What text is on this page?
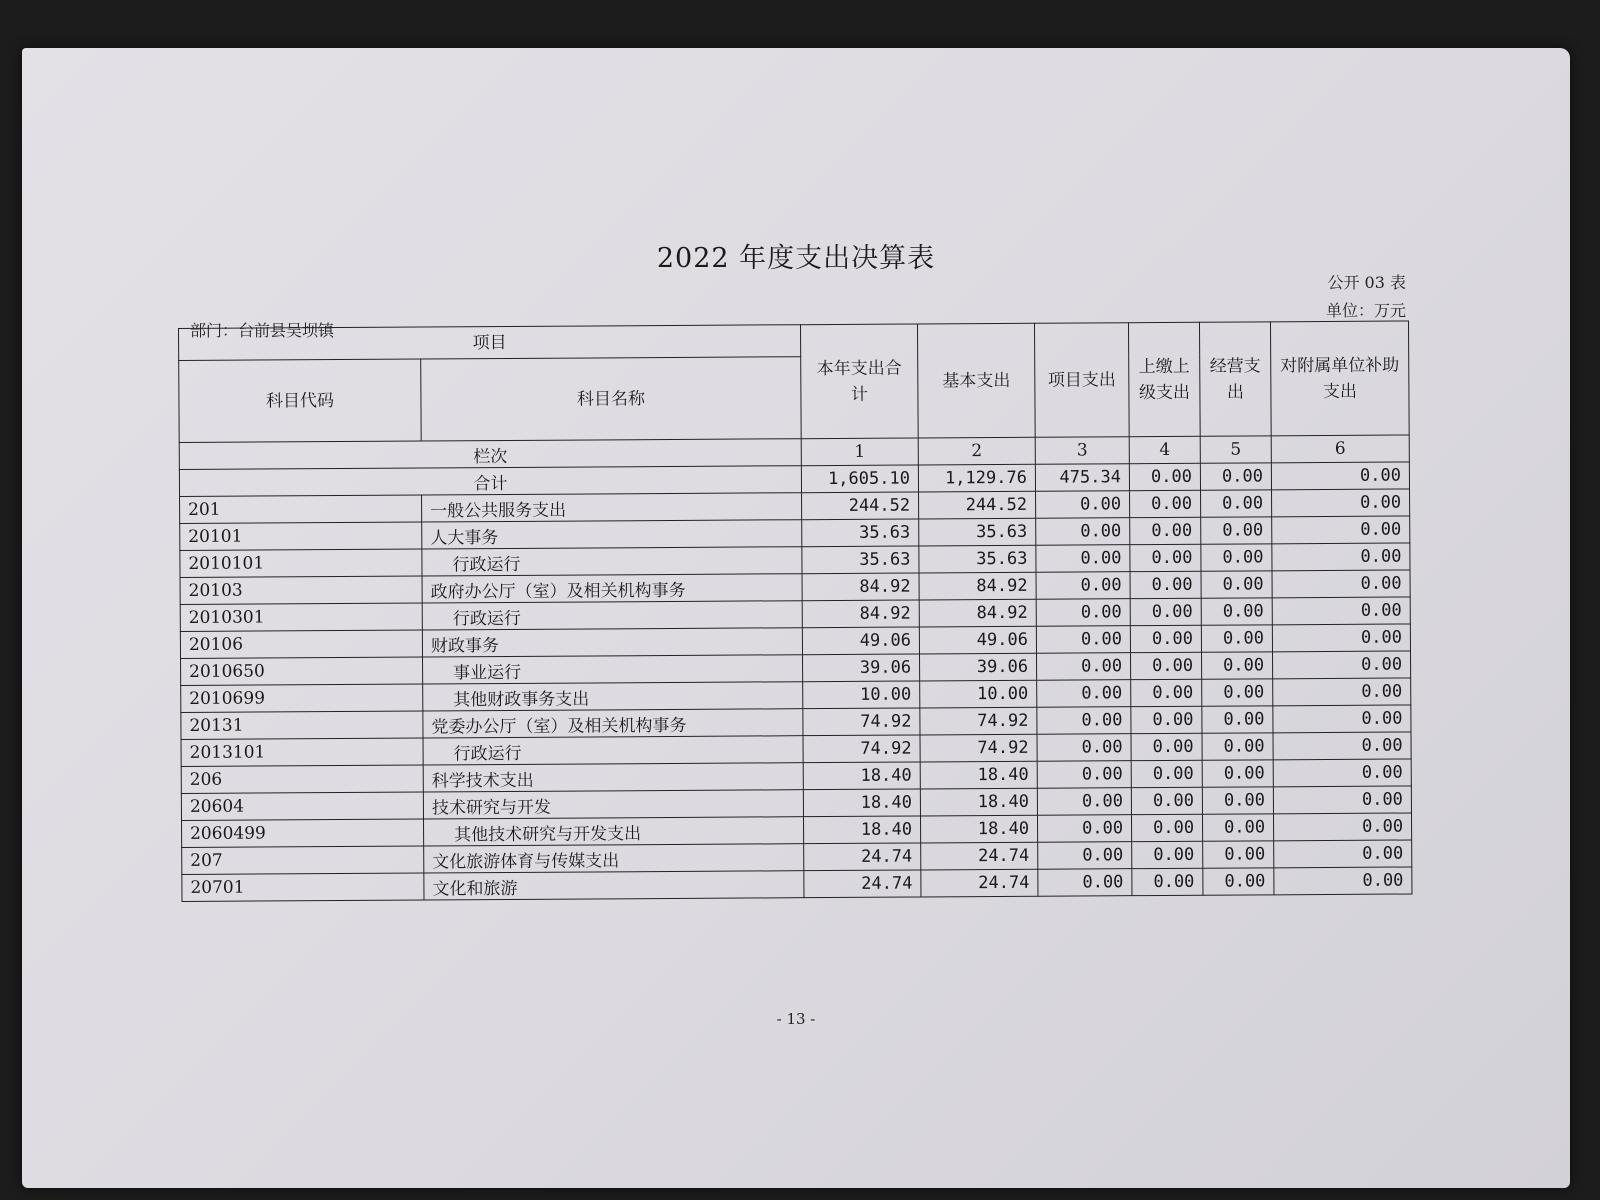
2022 年度支出决算表
公开 03 表
单位：万元
部门：台前县吴坝镇
项目		本年支出合计	基本支出	项目支出	上缴上级支出	经营支出	对附属单位补助支出
科目代码	科目名称						
栏次		1	2	3	4	5	6
合计		1,605.10	1,129.76	475.34	0.00	0.00	0.00
201	一般公共服务支出	244.52	244.52	0.00	0.00	0.00	0.00
20101	人大事务	35.63	35.63	0.00	0.00	0.00	0.00
2010101	行政运行	35.63	35.63	0.00	0.00	0.00	0.00
20103	政府办公厅（室）及相关机构事务	84.92	84.92	0.00	0.00	0.00	0.00
2010301	行政运行	84.92	84.92	0.00	0.00	0.00	0.00
20106	财政事务	49.06	49.06	0.00	0.00	0.00	0.00
2010650	事业运行	39.06	39.06	0.00	0.00	0.00	0.00
2010699	其他财政事务支出	10.00	10.00	0.00	0.00	0.00	0.00
20131	党委办公厅（室）及相关机构事务	74.92	74.92	0.00	0.00	0.00	0.00
2013101	行政运行	74.92	74.92	0.00	0.00	0.00	0.00
206	科学技术支出	18.40	18.40	0.00	0.00	0.00	0.00
20604	技术研究与开发	18.40	18.40	0.00	0.00	0.00	0.00
2060499	其他技术研究与开发支出	18.40	18.40	0.00	0.00	0.00	0.00
207	文化旅游体育与传媒支出	24.74	24.74	0.00	0.00	0.00	0.00
20701	文化和旅游	24.74	24.74	0.00	0.00	0.00	0.00
- 13 -
